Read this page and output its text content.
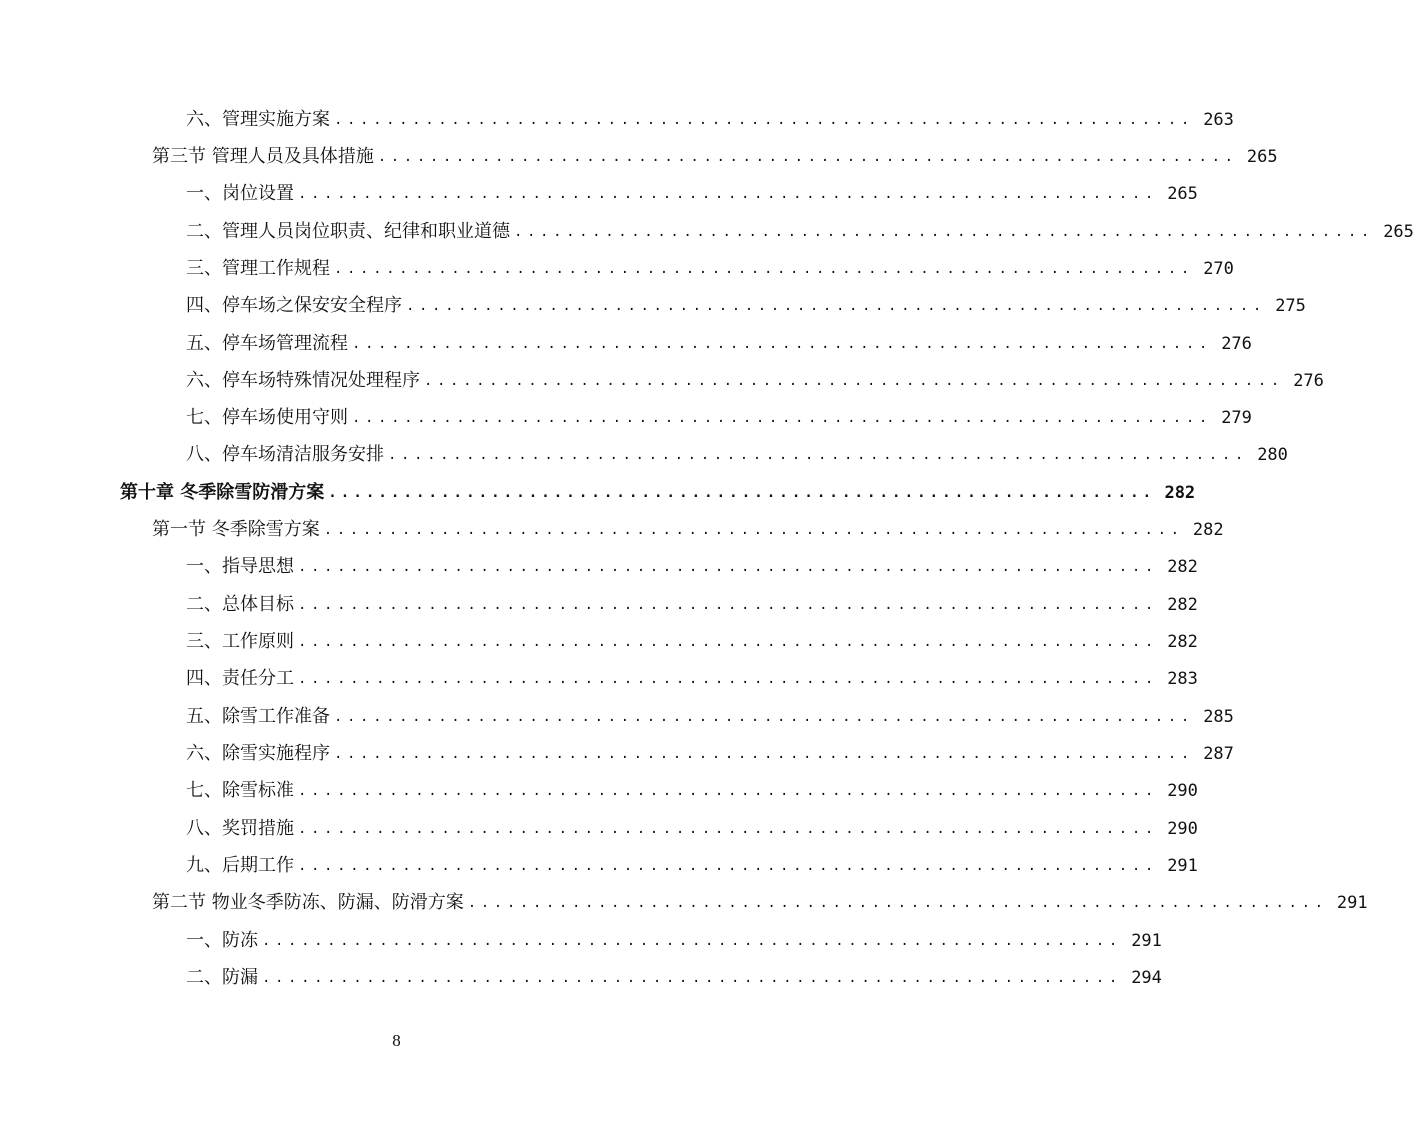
六、管理实施方案 .................................................................. 263
第三节 管理人员及具体措施 .................................................................. 265
一、岗位设置 .................................................................. 265
二、管理人员岗位职责、纪律和职业道德 .................................................................. 265
三、管理工作规程 .................................................................. 270
四、停车场之保安安全程序 .................................................................. 275
五、停车场管理流程 .................................................................. 276
六、停车场特殊情况处理程序 .................................................................. 276
七、停车场使用守则 .................................................................. 279
八、停车场清洁服务安排 .................................................................. 280
第十章 冬季除雪防滑方案 .................................................................. 282
第一节 冬季除雪方案 .................................................................. 282
一、指导思想 .................................................................. 282
二、总体目标 .................................................................. 282
三、工作原则 .................................................................. 282
四、责任分工 .................................................................. 283
五、除雪工作准备 .................................................................. 285
六、除雪实施程序 .................................................................. 287
七、除雪标准 .................................................................. 290
八、奖罚措施 .................................................................. 290
九、后期工作 .................................................................. 291
第二节 物业冬季防冻、防漏、防滑方案 .................................................................. 291
一、防冻 .................................................................. 291
二、防漏 .................................................................. 294
8
